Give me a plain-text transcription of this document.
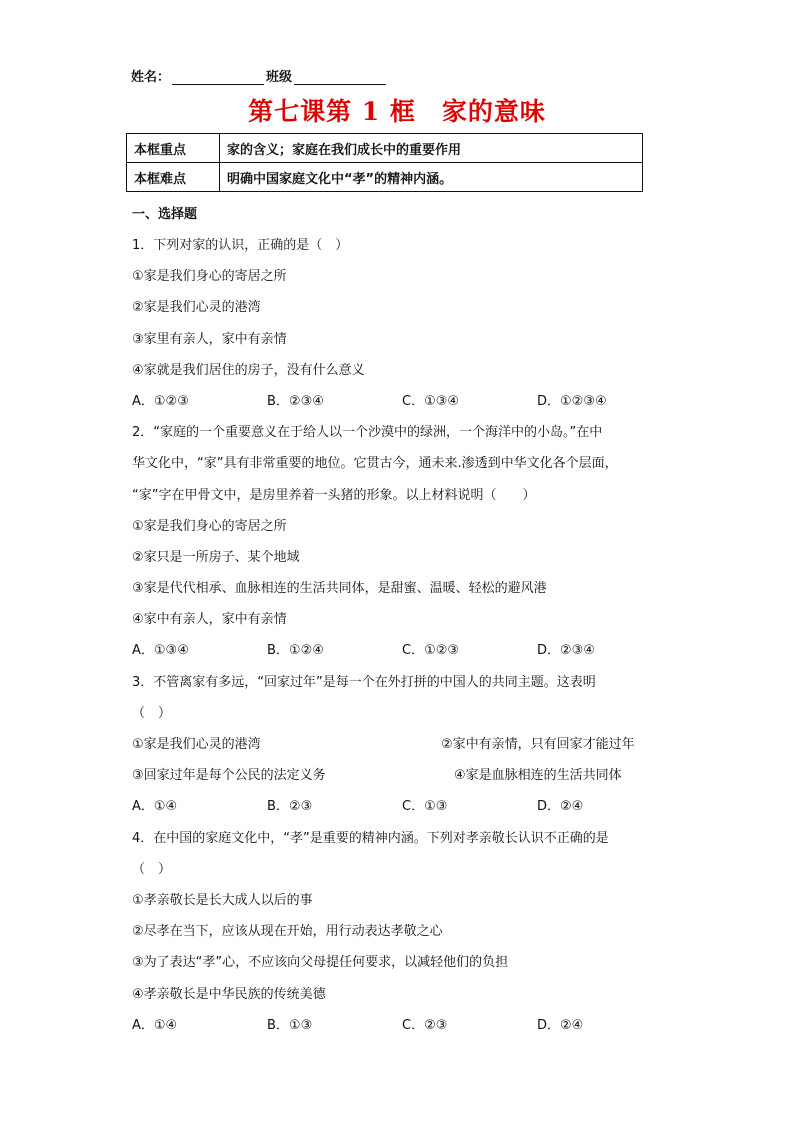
姓名：	班级
第七课第 1 框　家的意味
本框重点	家的含义；家庭在我们成长中的重要作用
本框难点	明确中国家庭文化中“孝”的精神内涵。
一、选择题
1．下列对家的认识，正确的是（　）
①家是我们身心的寄居之所
②家是我们心灵的港湾
③家里有亲人，家中有亲情
④家就是我们居住的房子，没有什么意义
A．①②③	B．②③④	C．①③④	D．①②③④
2．“家庭的一个重要意义在于给人以一个沙漠中的绿洲，一个海洋中的小岛。”在中
华文化中，“家”具有非常重要的地位。它贯古今，通未来.渗透到中华文化各个层面，
“家”字在甲骨文中，是房里养着一头猪的形象。以上材料说明（　　）
①家是我们身心的寄居之所
②家只是一所房子、某个地域
③家是代代相承、血脉相连的生活共同体，是甜蜜、温暖、轻松的避风港
④家中有亲人，家中有亲情
A．①③④	B．①②④	C．①②③	D．②③④
3．不管离家有多远，“回家过年”是每一个在外打拼的中国人的共同主题。这表明
（　）
①家是我们心灵的港湾	②家中有亲情，只有回家才能过年
③回家过年是每个公民的法定义务	④家是血脉相连的生活共同体
A．①④	B．②③	C．①③	D．②④
4．在中国的家庭文化中，“孝”是重要的精神内涵。下列对孝亲敬长认识不正确的是
（　）
①孝亲敬长是长大成人以后的事
②尽孝在当下，应该从现在开始，用行动表达孝敬之心
③为了表达“孝”心，不应该向父母提任何要求，以减轻他们的负担
④孝亲敬长是中华民族的传统美德
A．①④	B．①③	C．②③	D．②④
